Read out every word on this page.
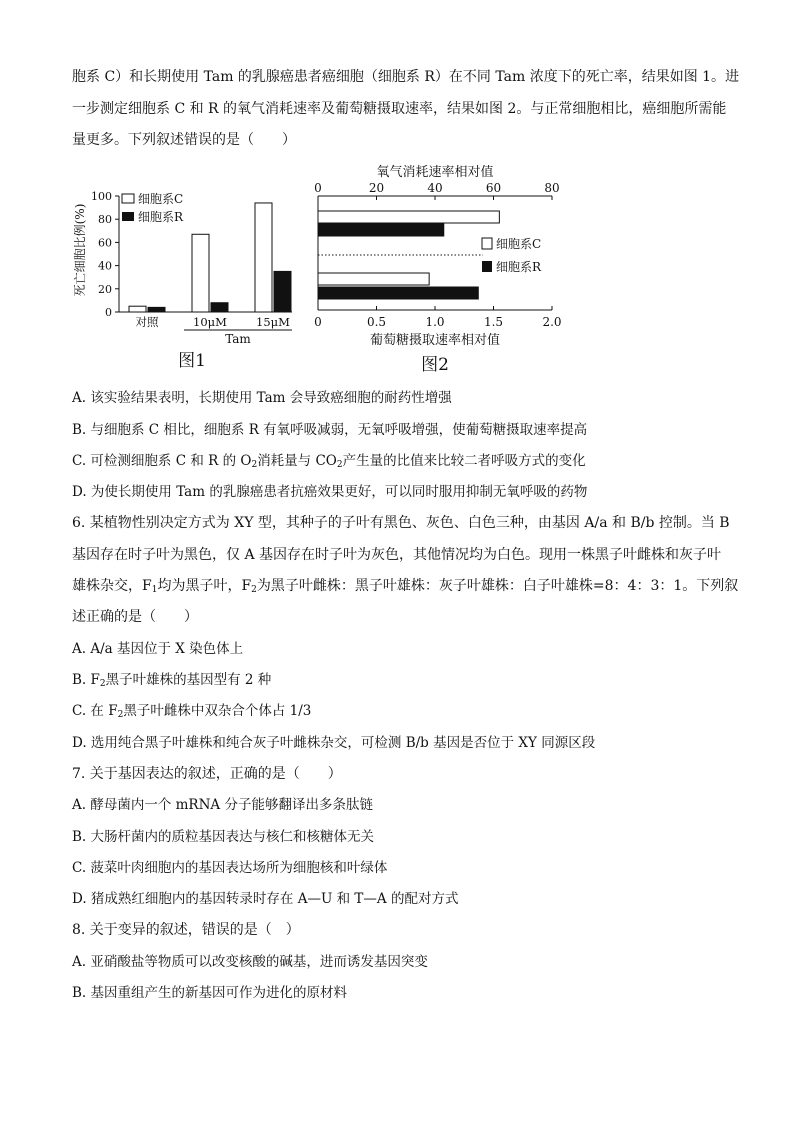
胞系 C）和长期使用 Tam 的乳腺癌患者癌细胞（细胞系 R）在不同 Tam 浓度下的死亡率，结果如图 1。进
一步测定细胞系 C 和 R 的氧气消耗速率及葡萄糖摄取速率，结果如图 2。与正常细胞相比，癌细胞所需能
量更多。下列叙述错误的是（　　）
死亡细胞比例(%)
100
80
60
40
20
0
对照	10μM	15μM
Tam
细胞系C
细胞系R
图1
氧气消耗速率相对值
0	20	40	60	80
细胞系C
细胞系R
0	0.5	1.0	1.5	2.0
葡萄糖摄取速率相对值
图2
A. 该实验结果表明，长期使用 Tam 会导致癌细胞的耐药性增强
B. 与细胞系 C 相比，细胞系 R 有氧呼吸减弱，无氧呼吸增强，使葡萄糖摄取速率提高
C. 可检测细胞系 C 和 R 的 $O_2$消耗量与 $CO_2$产生量的比值来比较二者呼吸方式的变化
D. 为使长期使用 Tam 的乳腺癌患者抗癌效果更好，可以同时服用抑制无氧呼吸的药物
6. 某植物性别决定方式为 XY 型，其种子的子叶有黑色、灰色、白色三种，由基因 A/a 和 B/b 控制。当 B
基因存在时子叶为黑色，仅 A 基因存在时子叶为灰色，其他情况均为白色。现用一株黑子叶雌株和灰子叶
雄株杂交，$F_1$均为黑子叶，$F_2$为黑子叶雌株：黑子叶雄株：灰子叶雄株：白子叶雄株=8：4：3：1。下列叙
述正确的是（　　）
A. A/a 基因位于 X 染色体上
B. $F_2$黑子叶雄株的基因型有 2 种
C. 在 $F_2$黑子叶雌株中双杂合个体占 1/3
D. 选用纯合黑子叶雄株和纯合灰子叶雌株杂交，可检测 B/b 基因是否位于 XY 同源区段
7. 关于基因表达的叙述，正确的是（　　）
A. 酵母菌内一个 mRNA 分子能够翻译出多条肽链
B. 大肠杆菌内的质粒基因表达与核仁和核糖体无关
C. 菠菜叶肉细胞内的基因表达场所为细胞核和叶绿体
D. 猪成熟红细胞内的基因转录时存在 A—U 和 T—A 的配对方式
8. 关于变异的叙述，错误的是（　）
A. 亚硝酸盐等物质可以改变核酸的碱基，进而诱发基因突变
B. 基因重组产生的新基因可作为进化的原材料
